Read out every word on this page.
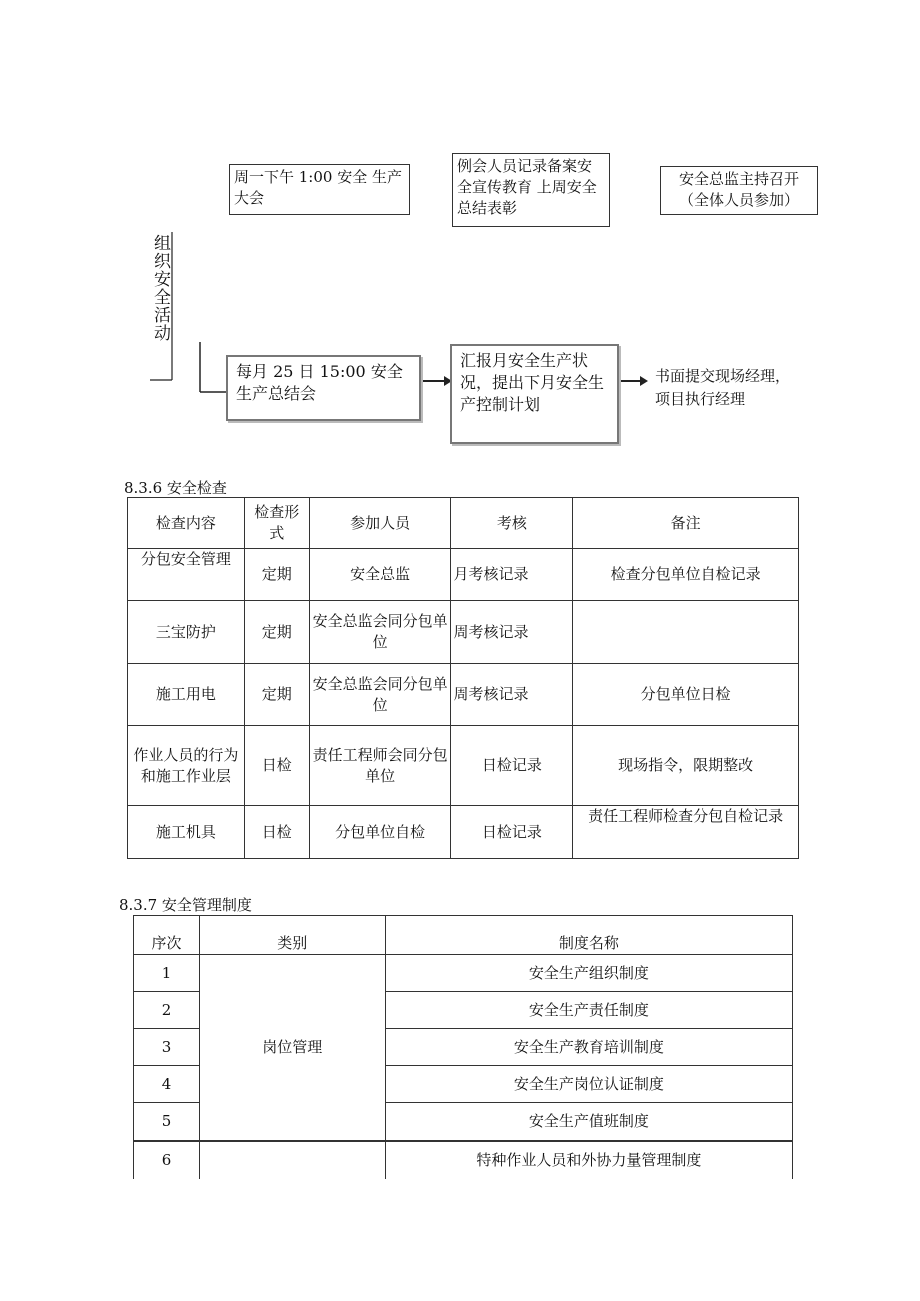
周一下午 1:00 安全 生产大会
例会人员记录备案安全宣传教育 上周安全总结表彰
安全总监主持召开（全体人员参加）
组织安全活动
每月 25 日 15:00 安全生产总结会
汇报月安全生产状况，提出下月安全生产控制计划
书面提交现场经理，项目执行经理
8.3.6 安全检查
检查内容	检查形式	参加人员	考核	备注
分包安全管理	定期	安全总监	月考核记录	检查分包单位自检记录
三宝防护	定期	安全总监会同分包单位	周考核记录	
施工用电	定期	安全总监会同分包单位	周考核记录	分包单位日检
作业人员的行为和施工作业层	日检	责任工程师会同分包单位	日检记录	现场指令，限期整改
施工机具	日检	分包单位自检	日检记录	责任工程师检查分包自检记录
8.3.7 安全管理制度
序次	类别	制度名称
1	岗位管理	安全生产组织制度
2		安全生产责任制度
3		安全生产教育培训制度
4		安全生产岗位认证制度
5		安全生产值班制度
6		特种作业人员和外协力量管理制度
